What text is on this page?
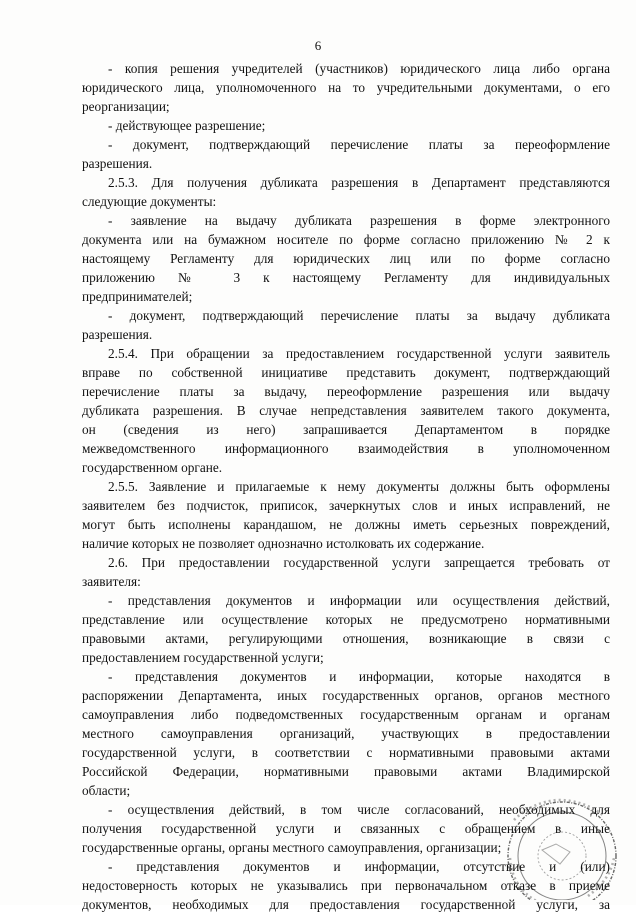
6
- копия решения учредителей (участников) юридического лица либо органа
юридического лица, уполномоченного на то учредительными документами, о его
реорганизации;
- действующее разрешение;
- документ, подтверждающий перечисление платы за переоформление
разрешения.
2.5.3. Для получения дубликата разрешения в Департамент представляются
следующие документы:
- заявление на выдачу дубликата разрешения в форме электронного
документа или на бумажном носителе по форме согласно приложению № 2 к
настоящему Регламенту для юридических лиц или по форме согласно
приложению № 3 к настоящему Регламенту для индивидуальных
предпринимателей;
- документ, подтверждающий перечисление платы за выдачу дубликата
разрешения.
2.5.4. При обращении за предоставлением государственной услуги заявитель
вправе по собственной инициативе представить документ, подтверждающий
перечисление платы за выдачу, переоформление разрешения или выдачу
дубликата разрешения. В случае непредставления заявителем такого документа,
он (сведения из него) запрашивается Департаментом в порядке
межведомственного информационного взаимодействия в уполномоченном
государственном органе.
2.5.5. Заявление и прилагаемые к нему документы должны быть оформлены
заявителем без подчисток, приписок, зачеркнутых слов и иных исправлений, не
могут быть исполнены карандашом, не должны иметь серьезных повреждений,
наличие которых не позволяет однозначно истолковать их содержание.
2.6. При предоставлении государственной услуги запрещается требовать от
заявителя:
- представления документов и информации или осуществления действий,
представление или осуществление которых не предусмотрено нормативными
правовыми актами, регулирующими отношения, возникающие в связи с
предоставлением государственной услуги;
- представления документов и информации, которые находятся в
распоряжении Департамента, иных государственных органов, органов местного
самоуправления либо подведомственных государственным органам и органам
местного самоуправления организаций, участвующих в предоставлении
государственной услуги, в соответствии с нормативными правовыми актами
Российской Федерации, нормативными правовыми актами Владимирской
области;
- осуществления действий, в том числе согласований, необходимых для
получения государственной услуги и связанных с обращением в иные
государственные органы, органы местного самоуправления, организации;
- представления документов и информации, отсутствие и (или)
недостоверность которых не указывались при первоначальном отказе в приеме
документов, необходимых для предоставления государственной услуги, за
